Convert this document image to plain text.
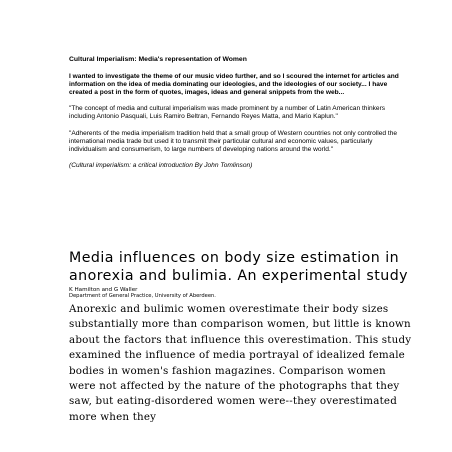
Cultural Imperialism: Media's representation of Women

I wanted to investigate the theme of our music video further, and so I scoured the internet for articles and information on the idea of media dominating our ideologies, and the ideologies of our society... I have created a post in the form of quotes, images, ideas and general snippets from the web...

"The concept of media and cultural imperialism was made prominent by a number of Latin American thinkers including Antonio Pasquali, Luis Ramiro Beltran, Fernando Reyes Matta, and Mario Kaplun."

"Adherents of the media imperialism tradition held that a small group of Western countries not only controlled the international media trade but used it to transmit their particular cultural and economic values, particularly individualism and consumerism, to large numbers of developing nations around the world."

(Cultural imperialism: a critical introduction By John Tomlinson)

Media influences on body size estimation in anorexia and bulimia. An experimental study

K Hamilton and G Waller

Department of General Practice, University of Aberdeen.

Anorexic and bulimic women overestimate their body sizes substantially more than comparison women, but little is known about the factors that influence this overestimation. This study examined the influence of media portrayal of idealized female bodies in women's fashion magazines. Comparison women were not affected by the nature of the photographs that they saw, but eating-disordered women were--they overestimated more when they
